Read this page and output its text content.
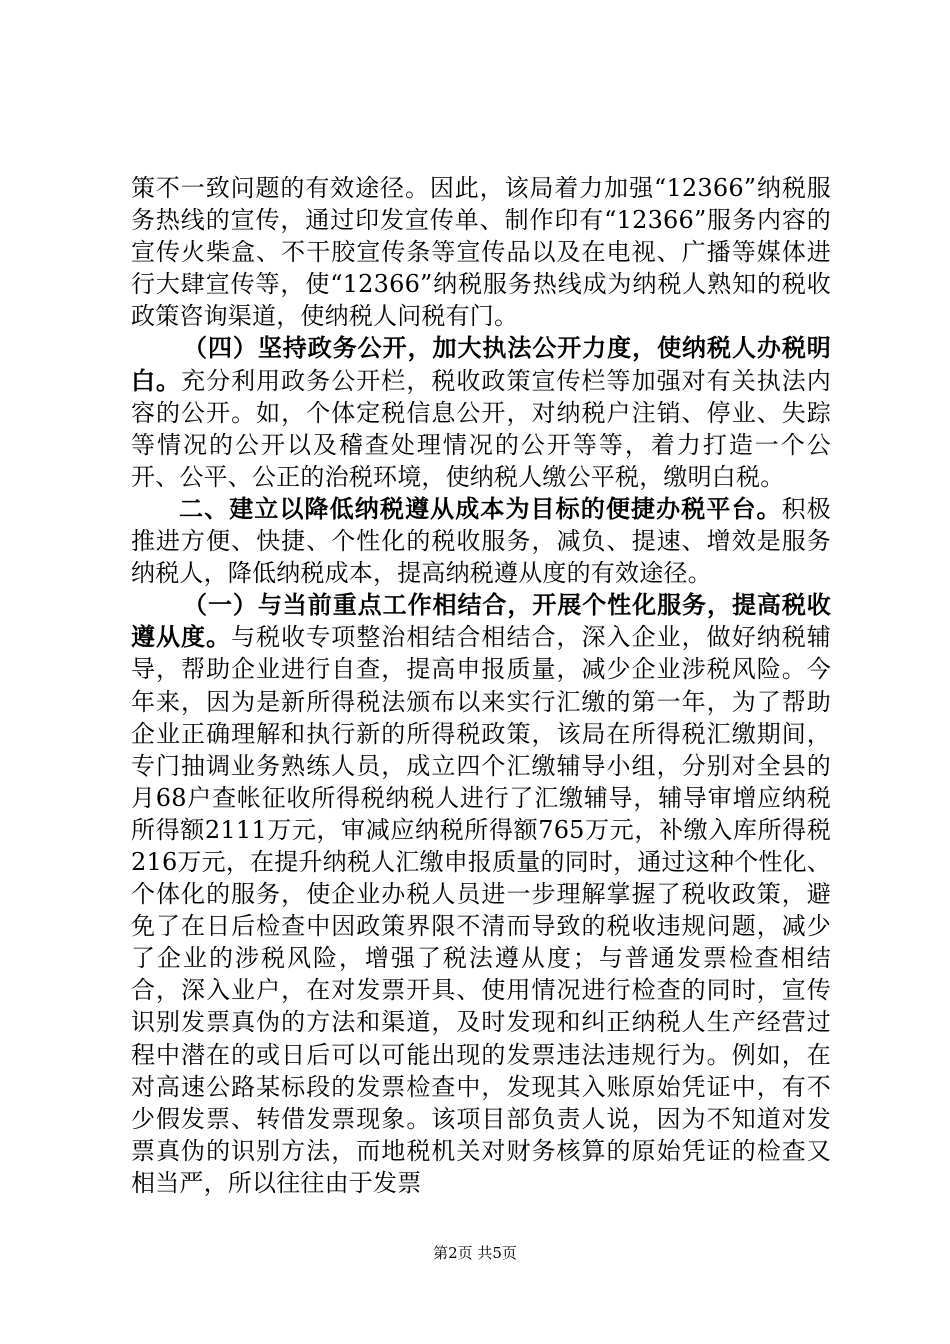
策不一致问题的有效途径。因此，该局着力加强“12366”纳税服务热线的宣传，通过印发宣传单、制作印有“12366”服务内容的宣传火柴盒、不干胶宣传条等宣传品以及在电视、广播等媒体进行大肆宣传等，使“12366”纳税服务热线成为纳税人熟知的税收政策咨询渠道，使纳税人问税有门。

（四）坚持政务公开，加大执法公开力度，使纳税人办税明白。充分利用政务公开栏，税收政策宣传栏等加强对有关执法内容的公开。如，个体定税信息公开，对纳税户注销、停业、失踪等情况的公开以及稽查处理情况的公开等等，着力打造一个公开、公平、公正的治税环境，使纳税人缴公平税，缴明白税。

二、建立以降低纳税遵从成本为目标的便捷办税平台。积极推进方便、快捷、个性化的税收服务，减负、提速、增效是服务纳税人，降低纳税成本，提高纳税遵从度的有效途径。

（一）与当前重点工作相结合，开展个性化服务，提高税收遵从度。与税收专项整治相结合相结合，深入企业，做好纳税辅导，帮助企业进行自查，提高申报质量，减少企业涉税风险。今年来，因为是新所得税法颁布以来实行汇缴的第一年，为了帮助企业正确理解和执行新的所得税政策，该局在所得税汇缴期间，专门抽调业务熟练人员，成立四个汇缴辅导小组，分别对全县的月68户查帐征收所得税纳税人进行了汇缴辅导，辅导审增应纳税所得额2111万元，审减应纳税所得额765万元，补缴入库所得税216万元，在提升纳税人汇缴申报质量的同时，通过这种个性化、个体化的服务，使企业办税人员进一步理解掌握了税收政策，避免了在日后检查中因政策界限不清而导致的税收违规问题，减少了企业的涉税风险，增强了税法遵从度；与普通发票检查相结合，深入业户，在对发票开具、使用情况进行检查的同时，宣传识别发票真伪的方法和渠道，及时发现和纠正纳税人生产经营过程中潜在的或日后可以可能出现的发票违法违规行为。例如，在对高速公路某标段的发票检查中，发现其入账原始凭证中，有不少假发票、转借发票现象。该项目部负责人说，因为不知道对发票真伪的识别方法，而地税机关对财务核算的原始凭证的检查又相当严，所以往往由于发票

第2页 共5页
